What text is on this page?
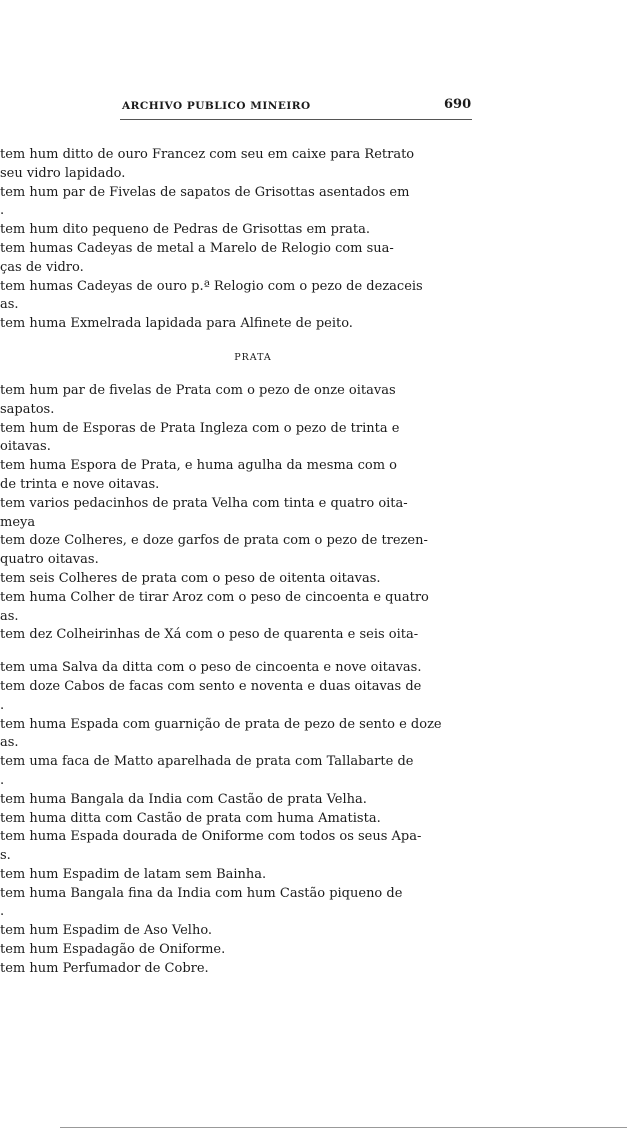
ARCHIVO PUBLICO MINEIRO	690
tem hum ditto de ouro Francez com seu em caixe para Retrato
seu vidro lapidado.
tem hum par de Fivelas de sapatos de Grisottas asentados em
.
tem hum dito pequeno de Pedras de Grisottas em prata.
tem humas Cadeyas de metal a Marelo de Relogio com sua-
ças de vidro.
tem humas Cadeyas de ouro p.ª Relogio com o pezo de dezaceis
as.
tem huma Exmelrada lapidada para Alfinete de peito.
PRATA
tem hum par de fivelas de Prata com o pezo de onze oitavas
sapatos.
tem hum de Esporas de Prata Ingleza com o pezo de trinta e
oitavas.
tem huma Espora de Prata, e huma agulha da mesma com o
de trinta e nove oitavas.
tem varios pedacinhos de prata Velha com tinta e quatro oita-
meya
tem doze Colheres, e doze garfos de prata com o pezo de trezen-
quatro oitavas.
tem seis Colheres de prata com o peso de oitenta oitavas.
tem huma Colher de tirar Aroz com o peso de cincoenta e quatro
as.
tem dez Colheirinhas de Xá com o peso de quarenta e seis oita-
tem uma Salva da ditta com o peso de cincoenta e nove oitavas.
tem doze Cabos de facas com sento e noventa e duas oitavas de
.
tem huma Espada com guarnição de prata de pezo de sento e doze
as.
tem uma faca de Matto aparelhada de prata com Tallabarte de
.
tem huma Bangala da India com Castão de prata Velha.
tem huma ditta com Castão de prata com huma Amatista.
tem huma Espada dourada de Oniforme com todos os seus Apa-
s.
tem hum Espadim de latam sem Bainha.
tem huma Bangala fina da India com hum Castão piqueno de
.
tem hum Espadim de Aso Velho.
tem hum Espadagão de Oniforme.
tem hum Perfumador de Cobre.
